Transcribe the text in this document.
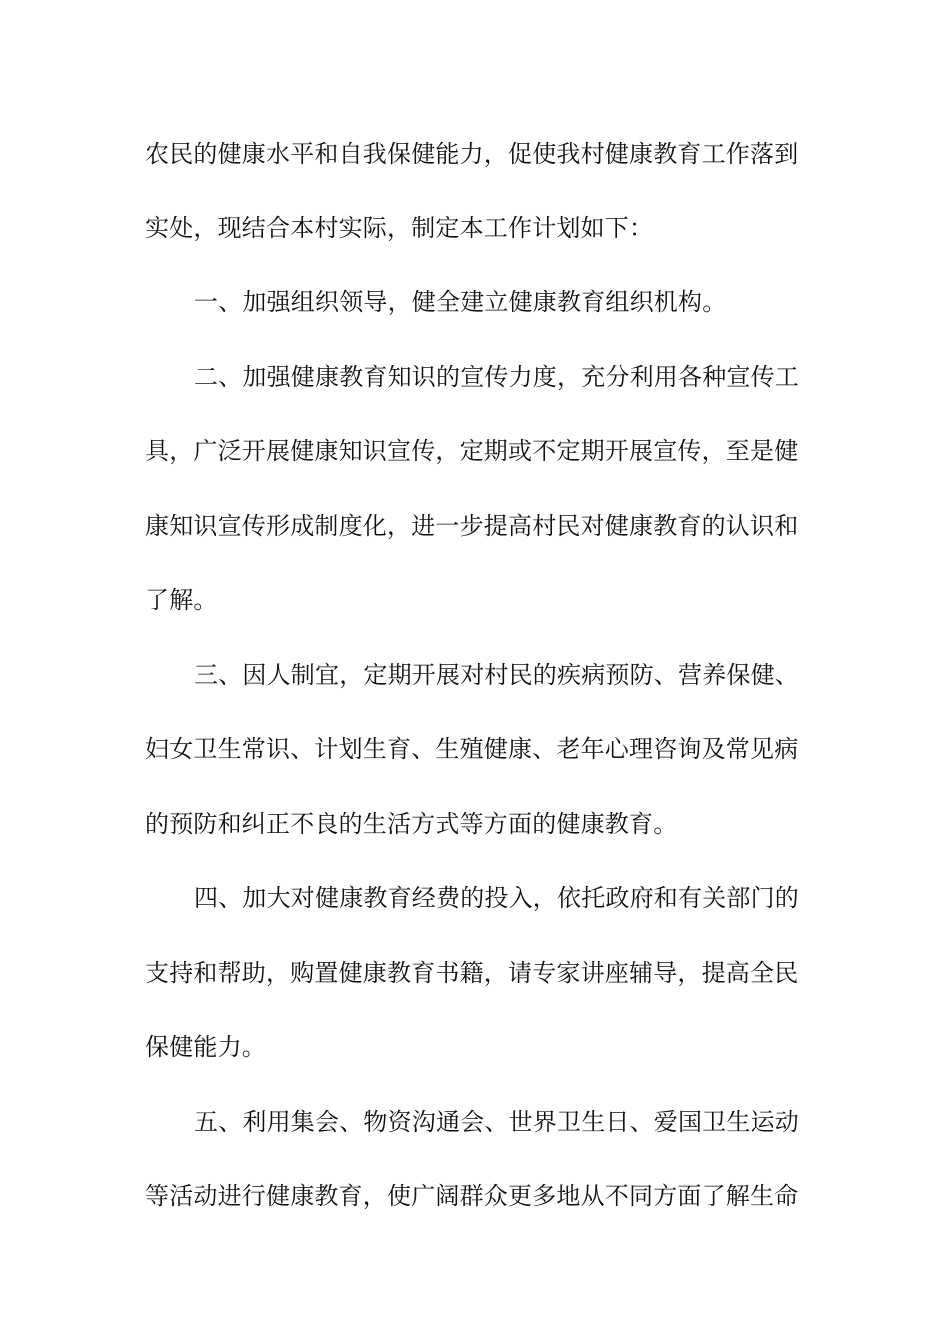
农民的健康水平和自我保健能力，促使我村健康教育工作落到
实处，现结合本村实际，制定本工作计划如下：
一、加强组织领导，健全建立健康教育组织机构。
二、加强健康教育知识的宣传力度，充分利用各种宣传工
具，广泛开展健康知识宣传，定期或不定期开展宣传，至是健
康知识宣传形成制度化，进一步提高村民对健康教育的认识和
了解。
三、因人制宜，定期开展对村民的疾病预防、营养保健、
妇女卫生常识、计划生育、生殖健康、老年心理咨询及常见病
的预防和纠正不良的生活方式等方面的健康教育。
四、加大对健康教育经费的投入，依托政府和有关部门的
支持和帮助，购置健康教育书籍，请专家讲座辅导，提高全民
保健能力。
五、利用集会、物资沟通会、世界卫生日、爱国卫生运动
等活动进行健康教育，使广阔群众更多地从不同方面了解生命
